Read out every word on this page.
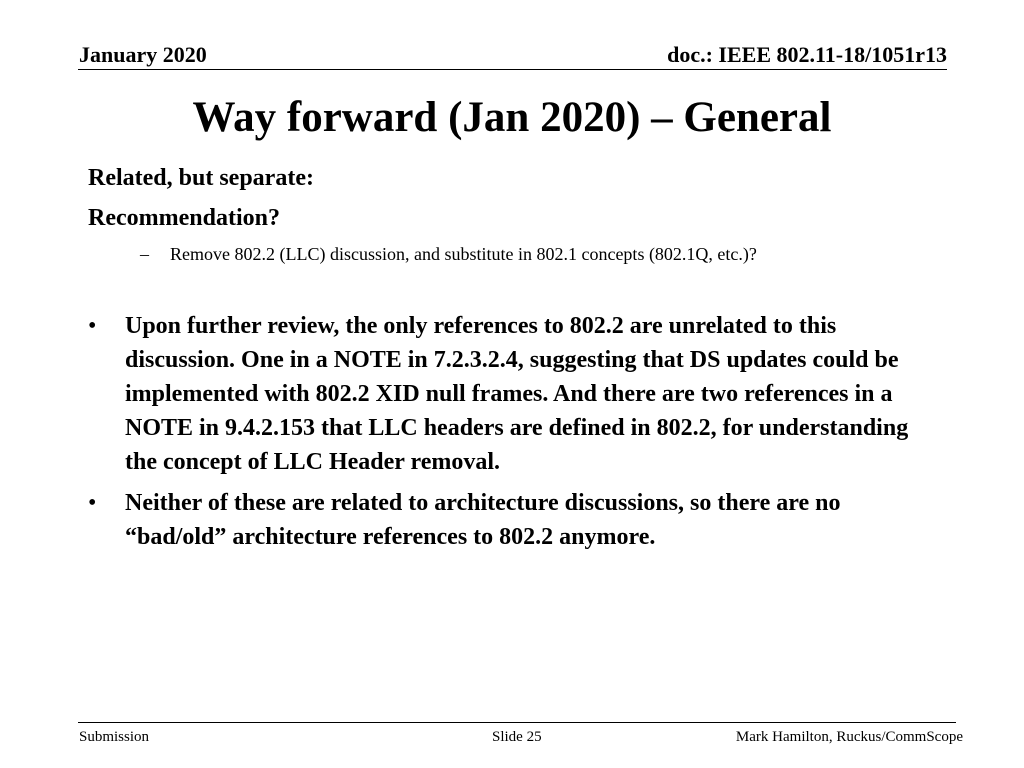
January 2020	doc.: IEEE 802.11-18/1051r13
Way forward (Jan 2020) – General
Related, but separate:
Recommendation?
– Remove 802.2 (LLC) discussion, and substitute in 802.1 concepts (802.1Q, etc.)?
• Upon further review, the only references to 802.2 are unrelated to this discussion. One in a NOTE in 7.2.3.2.4, suggesting that DS updates could be implemented with 802.2 XID null frames. And there are two references in a NOTE in 9.4.2.153 that LLC headers are defined in 802.2, for understanding the concept of LLC Header removal.
• Neither of these are related to architecture discussions, so there are no “bad/old” architecture references to 802.2 anymore.
Submission	Slide 25	Mark Hamilton, Ruckus/CommScope
